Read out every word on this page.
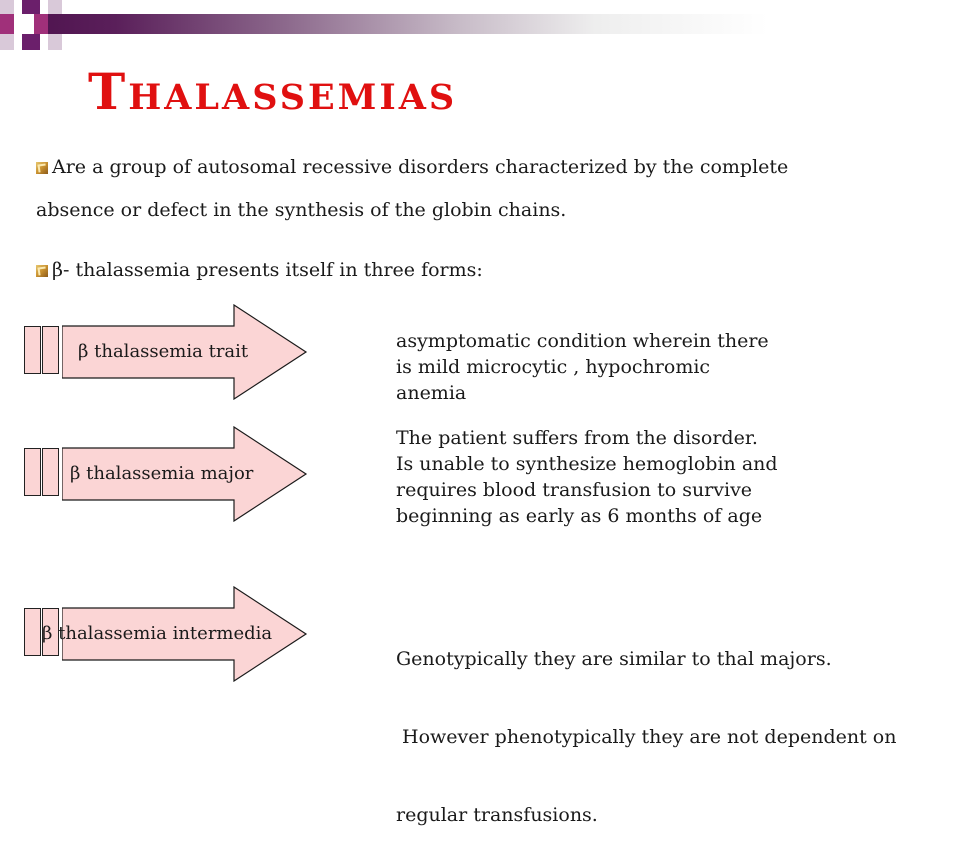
Thalassemias
Are a group of autosomal recessive disorders characterized by the complete
absence or defect in the synthesis of the globin chains.
β- thalassemia presents itself in three forms:
β thalassemia trait	asymptomatic condition wherein there
is mild microcytic , hypochromic
anemia
β thalassemia major
The patient suffers from the disorder.
Is unable to synthesize hemoglobin and
requires blood transfusion to survive
beginning as early as 6 months of age
β thalassemia intermedia

Genotypically they are similar to thal majors.

However phenotypically they are not dependent on

regular transfusions.
